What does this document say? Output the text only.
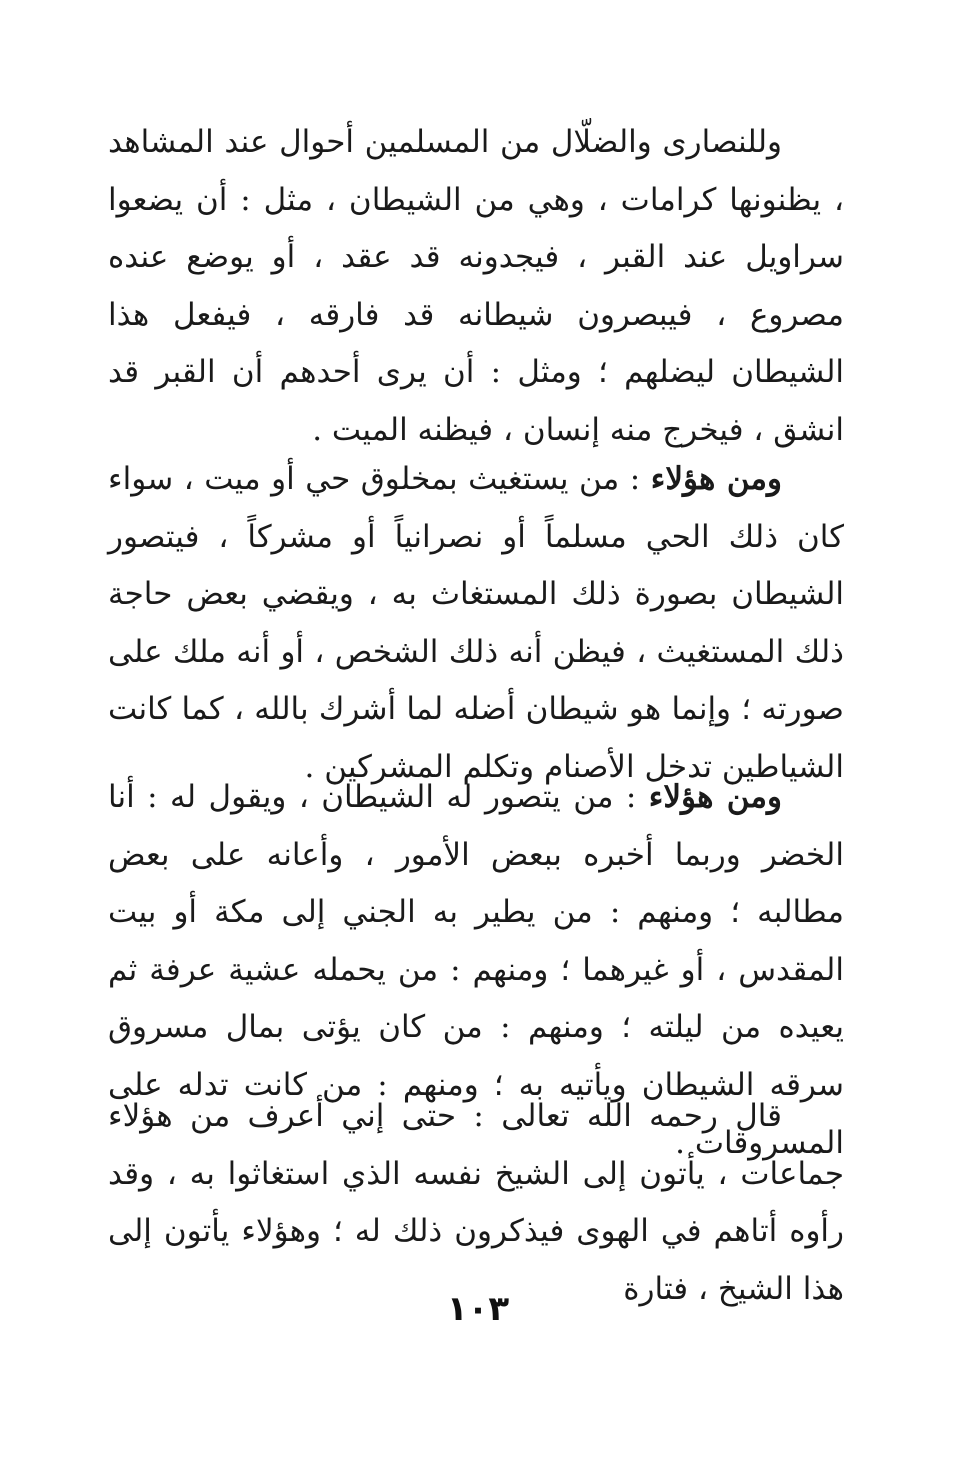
وللنصارى والضلّال من المسلمين أحوال عند المشاهد ، يظنونها كرامات ، وهي من الشيطان ، مثل : أن يضعوا سراويل عند القبر ، فيجدونه قد عقد ، أو يوضع عنده مصروع ، فيبصرون شيطانه قد فارقه ، فيفعل هذا الشيطان ليضلهم ؛ ومثل : أن يرى أحدهم أن القبر قد انشق ، فيخرج منه إنسان ، فيظنه الميت .

ومن هؤلاء : من يستغيث بمخلوق حي أو ميت ، سواء كان ذلك الحي مسلماً أو نصرانياً أو مشركاً ، فيتصور الشيطان بصورة ذلك المستغاث به ، ويقضي بعض حاجة ذلك المستغيث ، فيظن أنه ذلك الشخص ، أو أنه ملك على صورته ؛ وإنما هو شيطان أضله لما أشرك بالله ، كما كانت الشياطين تدخل الأصنام وتكلم المشركين .

ومن هؤلاء : من يتصور له الشيطان ، ويقول له : أنا الخضر وربما أخبره ببعض الأمور ، وأعانه على بعض مطالبه ؛ ومنهم : من يطير به الجني إلى مكة أو بيت المقدس ، أو غيرهما ؛ ومنهم : من يحمله عشية عرفة ثم يعيده من ليلته ؛ ومنهم : من كان يؤتى بمال مسروق سرقه الشيطان ويأتيه به ؛ ومنهم : من كانت تدله على المسروقات .

قال رحمه الله تعالى : حتى إني أعرف من هؤلاء جماعات ، يأتون إلى الشيخ نفسه الذي استغاثوا به ، وقد رأوه أتاهم في الهوى فيذكرون ذلك له ؛ وهؤلاء يأتون إلى هذا الشيخ ، فتارة

١٠٣
